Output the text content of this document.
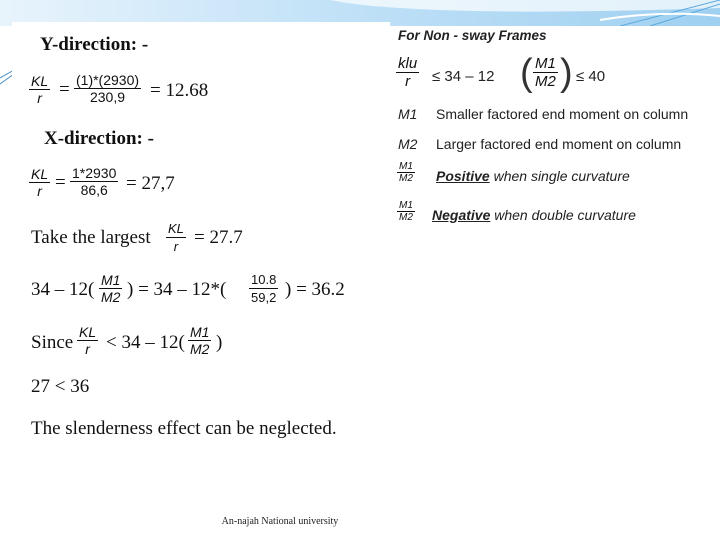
Y-direction: -
$\frac{KL}{r} = \frac{(1)*(2930)}{230,9} = 12.68$
X-direction: -
$\frac{KL}{r} = \frac{1*2930}{86,6} = 27,7$
Take the largest $\frac{KL}{r} = 27.7$
$34 - 12( \frac{M1}{M2}$ ) = $34 - 12*( \frac{10.8}{59,2}$ ) = 36.2
Since $\frac{KL}{r} < 34 - 12( \frac{M1}{M2}$ )
27 < 36
The slenderness effect can be neglected.
For Non - sway Frames
klu
r ≤ 34 – 12 ( $\frac{M1}{M2}$ ) ≤ 40
M1 Smaller factored end moment on column
M2 Larger factored end moment on column
$\frac{M1}{M2}$ Positive when single curvature
$\frac{M1}{M2}$ Negative when double curvature
An-najah National university
